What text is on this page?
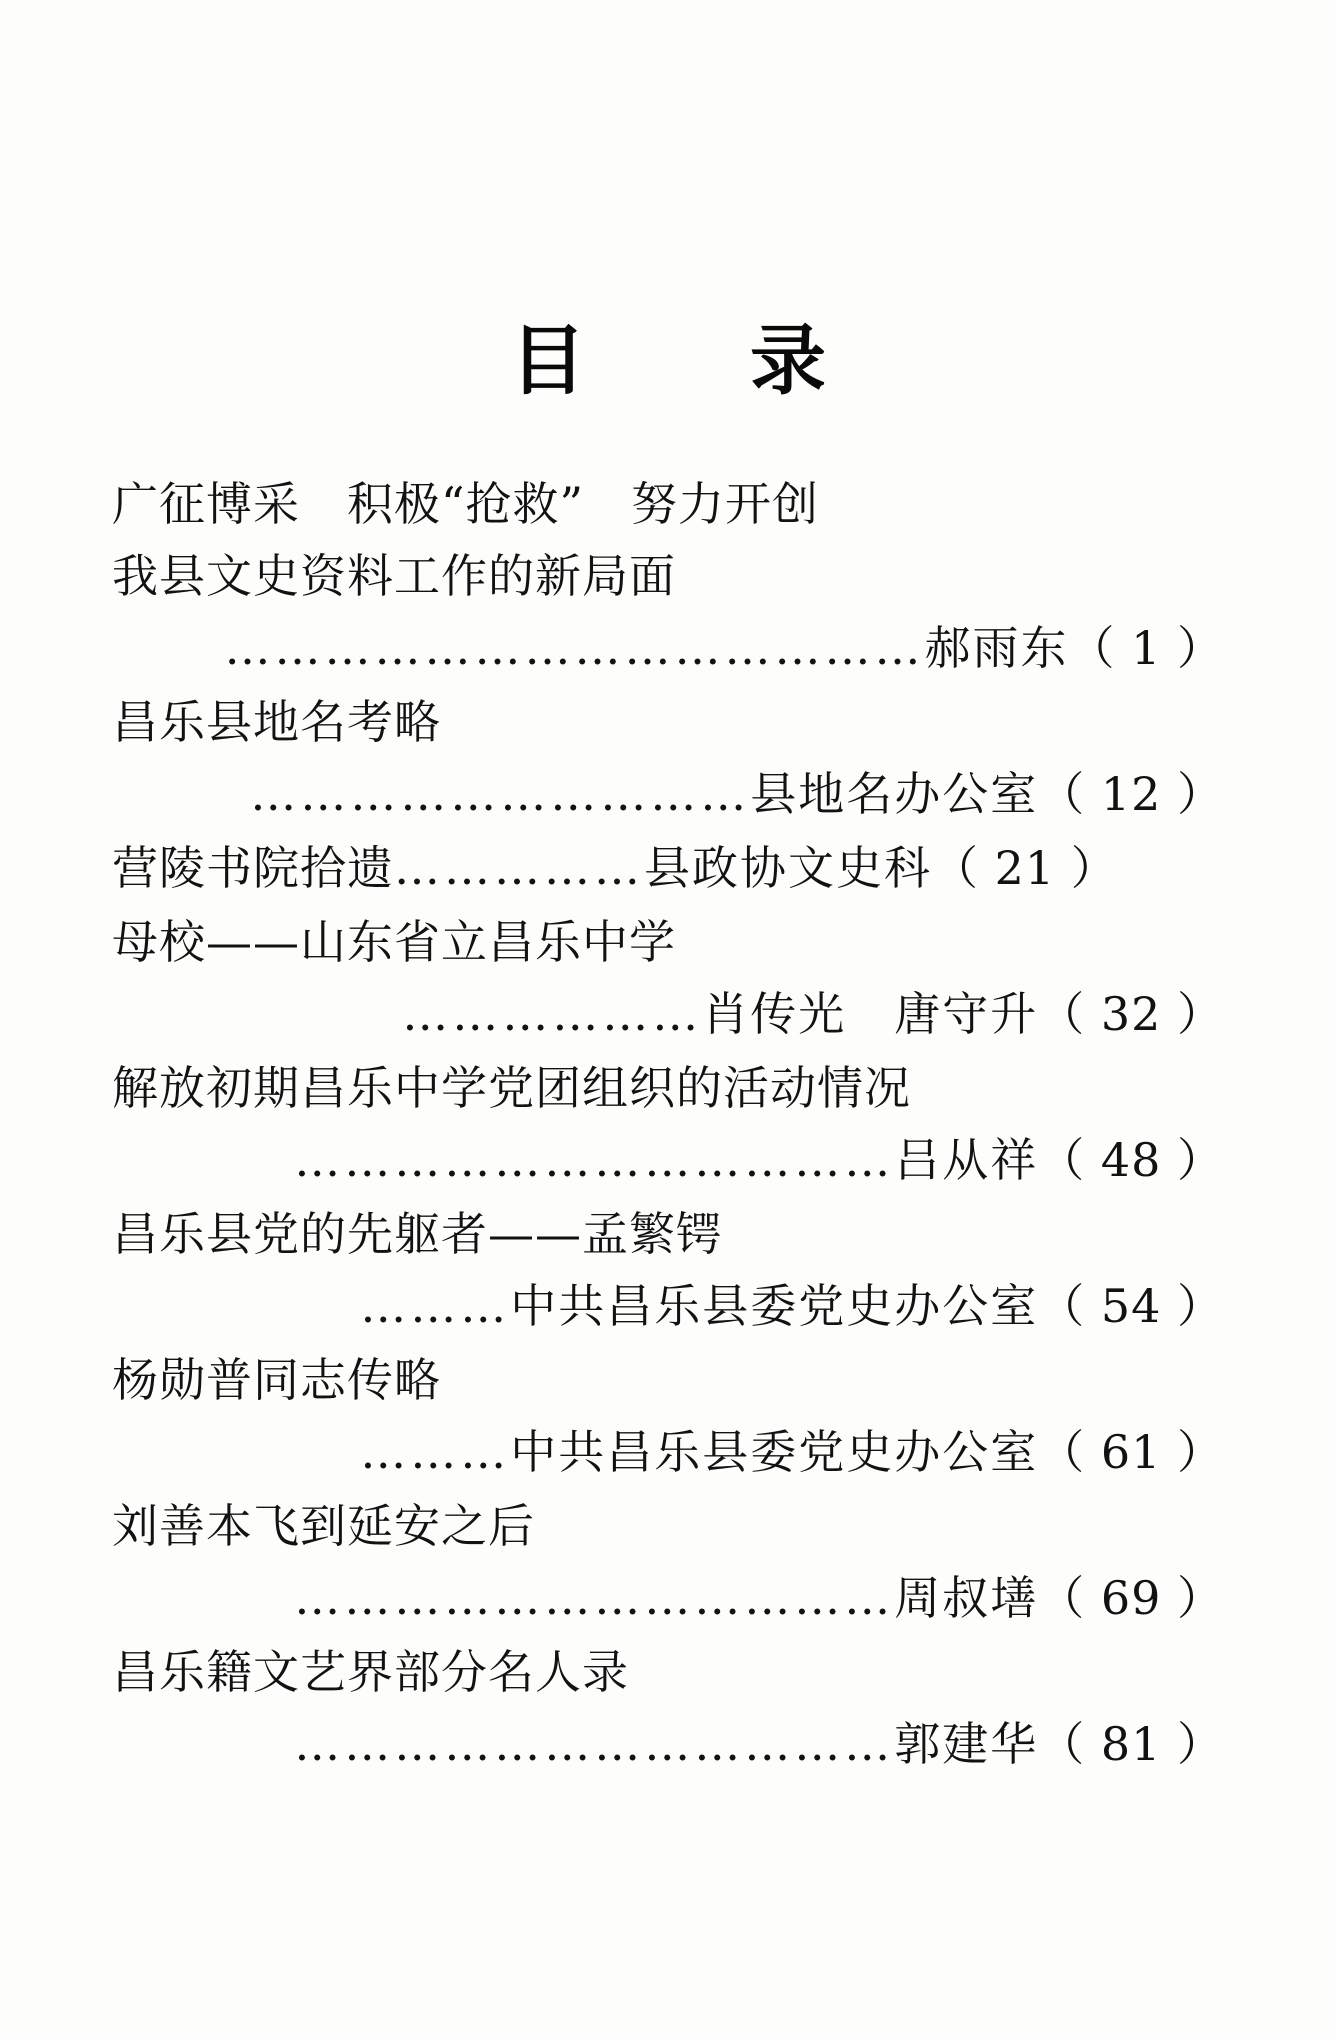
目　录
广征博采　积极“抢救”　努力开创
我县文史资料工作的新局面
……………………………………郝雨东（ 1 ）
昌乐县地名考略
…………………………县地名办公室（ 12 ）
营陵书院拾遗……………县政协文史科（ 21 ）
母校——山东省立昌乐中学
………………肖传光　唐守升（ 32 ）
解放初期昌乐中学党团组织的活动情况
………………………………吕从祥（ 48 ）
昌乐县党的先躯者——孟繁锷
………中共昌乐县委党史办公室（ 54 ）
杨勋普同志传略
………中共昌乐县委党史办公室（ 61 ）
刘善本飞到延安之后
………………………………周叔墡（ 69 ）
昌乐籍文艺界部分名人录
………………………………郭建华（ 81 ）
